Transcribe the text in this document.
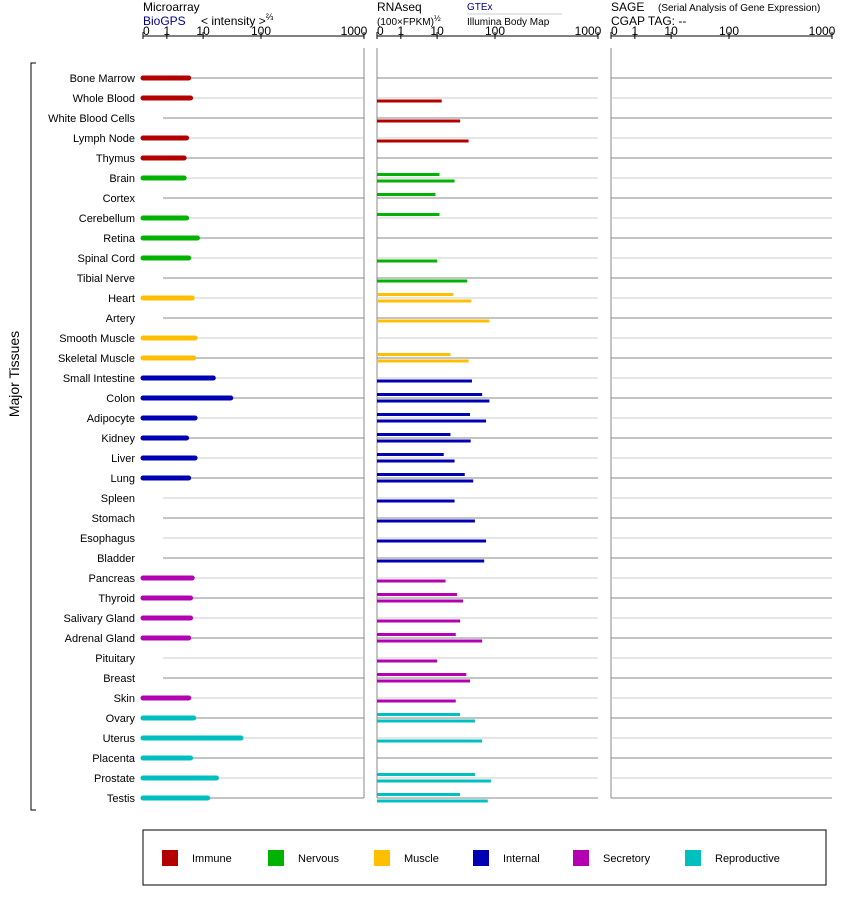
Microarray
BioGPS < intensity >$^{\frac{2}{3}}$
RNAseq
(100×FPKM)$^{\frac{1}{2}}$
GTEx
Illumina Body Map
SAGE (Serial Analysis of Gene Expression)
CGAP TAG: --
Major Tissues
0 1 10	100	1000 0 1 10	100	1000 0 1 10	100	1000
Bone Marrow
Whole Blood
White Blood Cells
Lymph Node
Thymus
Brain
Cortex
Cerebellum
Retina
Spinal Cord
Tibial Nerve
Heart
Artery
Smooth Muscle
Skeletal Muscle
Small Intestine
Colon
Adipocyte
Kidney
Liver
Lung
Spleen
Stomach
Esophagus
Bladder
Pancreas
Thyroid
Salivary Gland
Adrenal Gland
Pituitary
Breast
Skin
Ovary
Uterus
Placenta
Prostate
Testis
Immune	Nervous	Muscle	Internal	Secretory	Reproductive
